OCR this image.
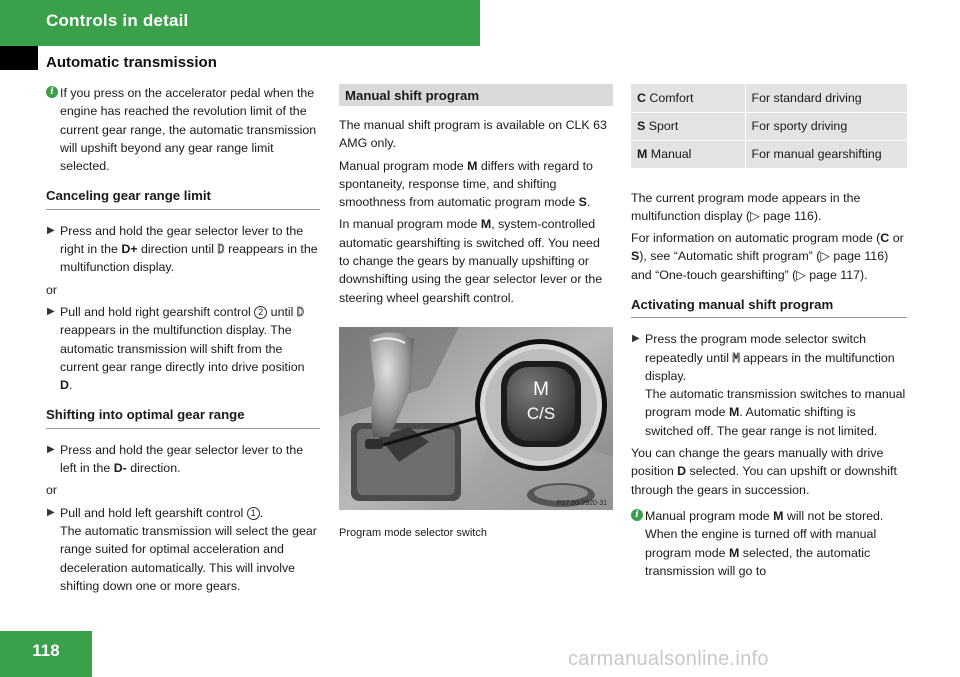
Controls in detail
Automatic transmission
i If you press on the accelerator pedal when the engine has reached the revolution limit of the current gear range, the automatic transmission will upshift beyond any gear range limit selected.
Canceling gear range limit
▶ Press and hold the gear selector lever to the right in the D+ direction until D reappears in the multifunction display.

or

▶ Pull and hold right gearshift control 2 until D reappears in the multifunction display. The automatic transmission will shift from the current gear range directly into drive position D.
Shifting into optimal gear range
▶ Press and hold the gear selector lever to the left in the D- direction.

or

▶ Pull and hold left gearshift control 1 .
The automatic transmission will select the gear range suited for optimal acceleration and deceleration automatically. This will involve shifting down one or more gears.
Manual shift program

The manual shift program is available on CLK 63 AMG only.

Manual program mode M differs with regard to spontaneity, response time, and shifting smoothness from automatic program mode S.

In manual program mode M, system-controlled automatic gearshifting is switched off. You need to change the gears by manually upshifting or downshifting using the gear selector lever or the steering wheel gearshift control.

M
C/S
P27.60-2920-31
Program mode selector switch
C Comfort	For standard driving
S Sport	For sporty driving
M Manual	For manual gearshifting

The current program mode appears in the multifunction display (▷ page 116).

For information on automatic program mode (C or S), see “Automatic shift program” (▷ page 116) and “One-touch gearshifting” (▷ page 117).

Activating manual shift program
▶ Press the program mode selector switch repeatedly until M appears in the multifunction display.
The automatic transmission switches to manual program mode M. Automatic shifting is switched off. The gear range is not limited.

You can change the gears manually with drive position D selected. You can upshift or downshift through the gears in succession.

i Manual program mode M will not be stored. When the engine is turned off with manual program mode M selected, the automatic transmission will go to
118	carmanualsonline.info
